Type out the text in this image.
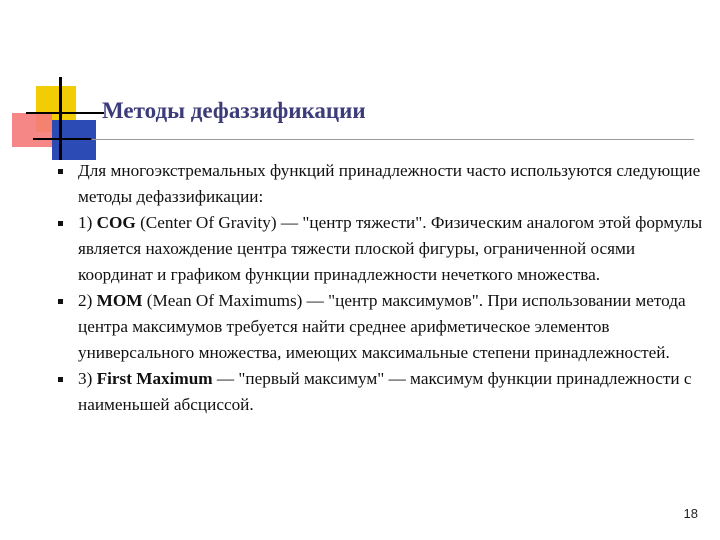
Методы дефаззификации
Для многоэкстремальных функций принадлежности часто используются следующие методы дефаззификации:
1) COG (Center Of Gravity) — "центр тяжести". Физическим аналогом этой формулы является нахождение центра тяжести плоской фигуры, ограниченной осями координат и графиком функции принадлежности нечеткого множества.
2) MOM (Mean Of Maximums) — "центр максимумов". При использовании метода центра максимумов требуется найти среднее арифметическое элементов универсального множества, имеющих максимальные степени принадлежностей.
3) First Maximum — "первый максимум" — максимум функции принадлежности с наименьшей абсциссой.
18
